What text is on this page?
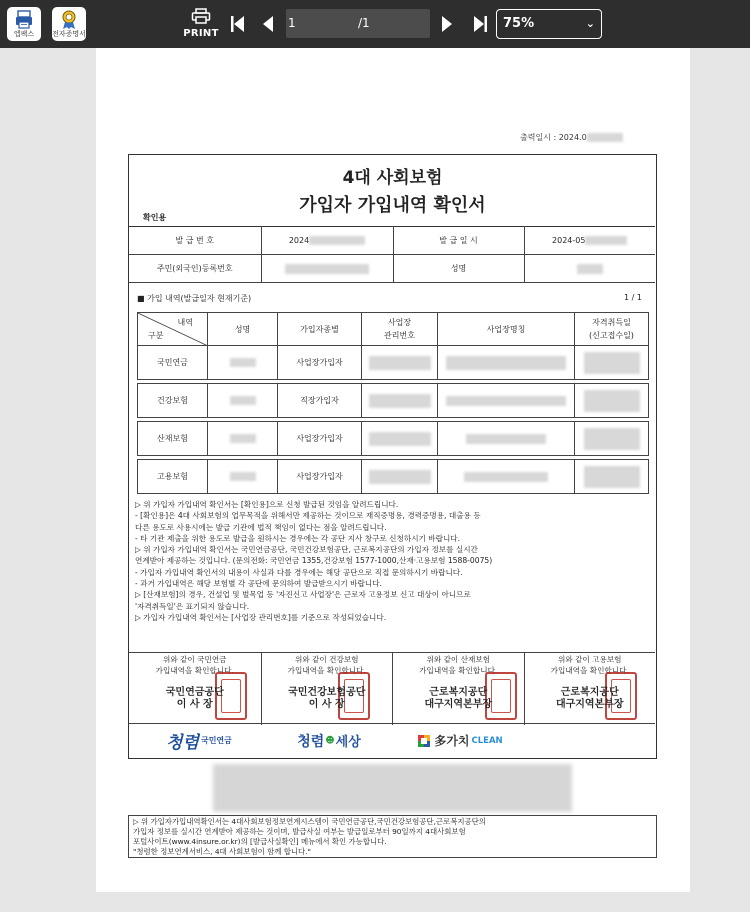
엡팩스	전자증명서	PRINT
1	/1	75%	⌄
출력일시 : 2024.0
4대 사회보험
가입자 가입내역 확인서
확인용
발 급 번 호	2024	발 급 일 시	2024-05
주민(외국인)등록번호		성명	
■ 가입 내역(발급일자 현재기준)	1 / 1
내역
구분	성명	가입자종별	사업장
관리번호	사업장명칭	자격취득일
(신고접수일)
국민연금		사업장가입자			

건강보험		직장가입자			

산재보험		사업장가입자			

고용보험		사업장가입자			
▷ 위 가입자 가입내역 확인서는 [확인용]으로 신청 발급된 것임을 알려드립니다.
- [확인용]은 4대 사회보험의 업무목적을 위해서만 제공하는 것이므로 재직증명용, 경력증명용, 대출용 등
다른 용도로 사용시에는 발급 기관에 법적 책임이 없다는 점을 알려드립니다.
- 타 기관 제출을 위한 용도로 발급을 원하시는 경우에는 각 공단 지사 창구로 신청하시기 바랍니다.
▷ 위 가입자 가입내역 확인서는 국민연금공단, 국민건강보험공단, 근로복지공단의 가입자 정보를 실시간
연계받아 제공하는 것입니다. (문의전화: 국민연금 1355,건강보험 1577-1000,산재·고용보험 1588-0075)
- 가입자 가입내역 확인서의 내용이 사실과 다를 경우에는 해당 공단으로 직접 문의하시기 바랍니다.
- 과거 가입내역은 해당 보험별 각 공단에 문의하여 발급받으시기 바랍니다.
▷ [산재보험]의 경우, 건설업 및 벌목업 등 '자진신고 사업장'은 근로자 고용정보 신고 대상이 아니므로
'자격취득일'은 표기되지 않습니다.
▷ 가입자 가입내역 확인서는 [사업장 관리번호]를 기준으로 작성되었습니다.
위와 같이 국민연금
가입내역을 확인합니다.
국민연금공단
이 사 장
위와 같이 건강보험
가입내역을 확인합니다.
국민건강보험공단
이 사 장
위와 같이 산재보험
가입내역을 확인합니다.
근로복지공단
대구지역본부장
위와 같이 고용보험
가입내역을 확인합니다.
근로복지공단
대구지역본부장
청렴 국민연금	청렴 ☻ 세상	多가치 CLEAN
▷ 위 가입자가입내역확인서는 4대사회보험정보연계시스템이 국민연금공단,국민건강보험공단,근로복지공단의
가입자 정보를 실시간 연계받아 제공하는 것이며, 발급사실 여부는 발급일로부터 90일까지 4대사회보험
포털사이트(www.4insure.or.kr)의 [발급사실확인] 메뉴에서 확인 가능합니다.
"청렴한 정보연계서비스, 4대 사회보험이 함께 합니다."
